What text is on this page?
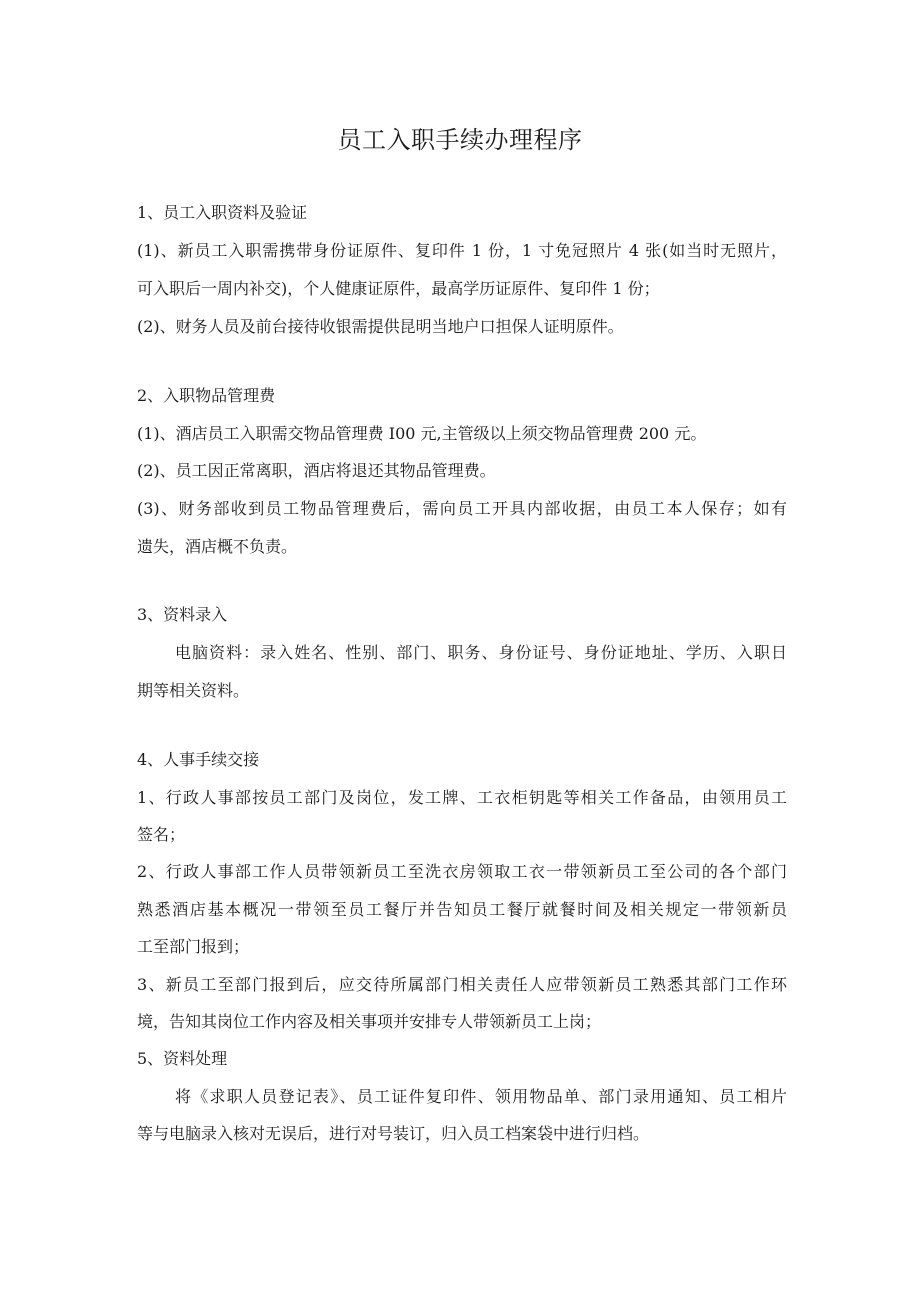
员工入职手续办理程序
1、员工入职资料及验证
(1)、新员工入职需携带身份证原件、复印件 1 份，1 寸免冠照片 4 张(如当时无照片，
可入职后一周内补交)，个人健康证原件，最高学历证原件、复印件 1 份；
(2)、财务人员及前台接待收银需提供昆明当地户口担保人证明原件。
2、入职物品管理费
(1)、酒店员工入职需交物品管理费 I00 元,主管级以上须交物品管理费 200 元。
(2)、员工因正常离职，酒店将退还其物品管理费。
(3)、财务部收到员工物品管理费后，需向员工开具内部收据，由员工本人保存；如有
遗失，酒店概不负责。
3、资料录入
电脑资料：录入姓名、性别、部门、职务、身份证号、身份证地址、学历、入职日
期等相关资料。
4、人事手续交接
1、行政人事部按员工部门及岗位，发工牌、工衣柜钥匙等相关工作备品，由领用员工
签名；
2、行政人事部工作人员带领新员工至洗衣房领取工衣一带领新员工至公司的各个部门
熟悉酒店基本概况一带领至员工餐厅并告知员工餐厅就餐时间及相关规定一带领新员
工至部门报到；
3、新员工至部门报到后，应交待所属部门相关责任人应带领新员工熟悉其部门工作环
境，告知其岗位工作内容及相关事项并安排专人带领新员工上岗；
5、资料处理
将《求职人员登记表》、员工证件复印件、领用物品单、部门录用通知、员工相片
等与电脑录入核对无误后，进行对号装订，归入员工档案袋中进行归档。
